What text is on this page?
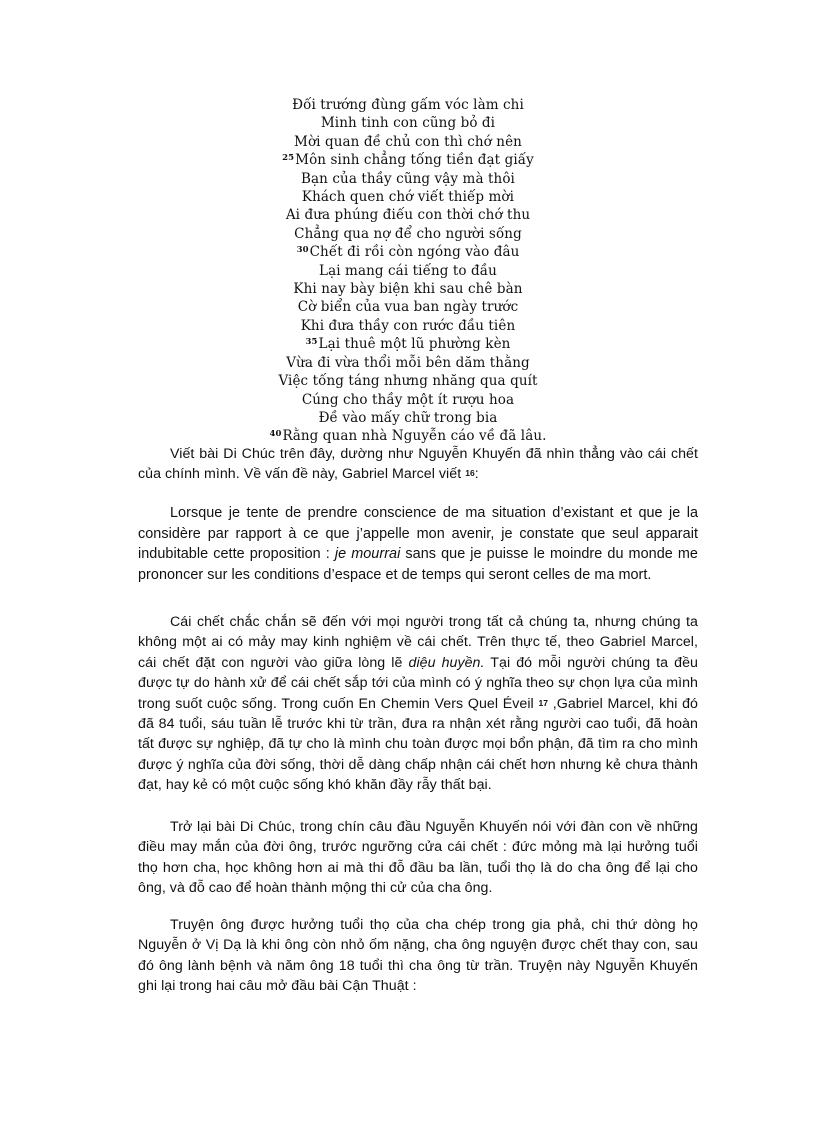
Đối trướng đùng gấm vóc làm chi
Minh tinh con cũng bỏ đi
Mời quan đề chủ con thì chớ nên
$^{25}$Môn sinh chẳng tống tiền đạt giấy
Bạn của thầy cũng vậy mà thôi
Khách quen chớ viết thiếp mời
Ai đưa phúng điếu con thời chớ thu
Chẳng qua nợ để cho người sống
$^{30}$Chết đi rồi còn ngóng vào đâu
Lại mang cái tiếng to đầu
Khi nay bày biện khi sau chê bàn
Cờ biển của vua ban ngày trước
Khi đưa thầy con rước đầu tiên
$^{35}$Lại thuê một lũ phường kèn
Vừa đi vừa thổi mỗi bên dăm thằng
Việc tống táng nhưng nhăng qua quít
Cúng cho thầy một ít rượu hoa
Đề vào mấy chữ trong bia
$^{40}$Rằng quan nhà Nguyễn cáo về đã lâu.

Viết bài Di Chúc trên đây, dường như Nguyễn Khuyến đã nhìn thẳng vào cái chết của chính mình. Về vấn đề này, Gabriel Marcel viết $^{16}$:

Lorsque je tente de prendre conscience de ma situation d’existant et que je la considère par rapport à ce que j’appelle mon avenir, je constate que seul apparait indubitable cette proposition : je mourrai sans que je puisse le moindre du monde me prononcer sur les conditions d’espace et de temps qui seront celles de ma mort.

Cái chết chắc chắn sẽ đến với mọi người trong tất cả chúng ta, nhưng chúng ta không một ai có mảy may kinh nghiệm về cái chết. Trên thực tế, theo Gabriel Marcel, cái chết đặt con người vào giữa lòng lẽ diệu huyền. Tại đó mỗi người chúng ta đều được tự do hành xử để cái chết sắp tới của mình có ý nghĩa theo sự chọn lựa của mình trong suốt cuộc sống. Trong cuốn En Chemin Vers Quel Éveil $^{17}$ ,Gabriel Marcel, khi đó đã 84 tuổi, sáu tuần lễ trước khi từ trần, đưa ra nhận xét rằng người cao tuổi, đã hoàn tất được sự nghiệp, đã tự cho là mình chu toàn được mọi bổn phận, đã tìm ra cho mình được ý nghĩa của đời sống, thời dễ dàng chấp nhận cái chết hơn nhưng kẻ chưa thành đạt, hay kẻ có một cuộc sống khó khăn đầy rẫy thất bại.

Trở lại bài Di Chúc, trong chín câu đầu Nguyễn Khuyến nói với đàn con về những điều may mắn của đời ông, trước ngưỡng cửa cái chết : đức mỏng mà lại hưởng tuổi thọ hơn cha, học không hơn ai mà thi đỗ đầu ba lần, tuổi thọ là do cha ông để lại cho ông, và đỗ cao để hoàn thành mộng thi cử của cha ông.

Truyện ông được hưởng tuổi thọ của cha chép trong gia phả, chi thứ dòng họ Nguyễn ở Vị Dạ là khi ông còn nhỏ ốm nặng, cha ông nguyện được chết thay con, sau đó ông lành bệnh và năm ông 18 tuổi thì cha ông từ trần. Truyện này Nguyễn Khuyến ghi lại trong hai câu mở đầu bài Cận Thuật :
